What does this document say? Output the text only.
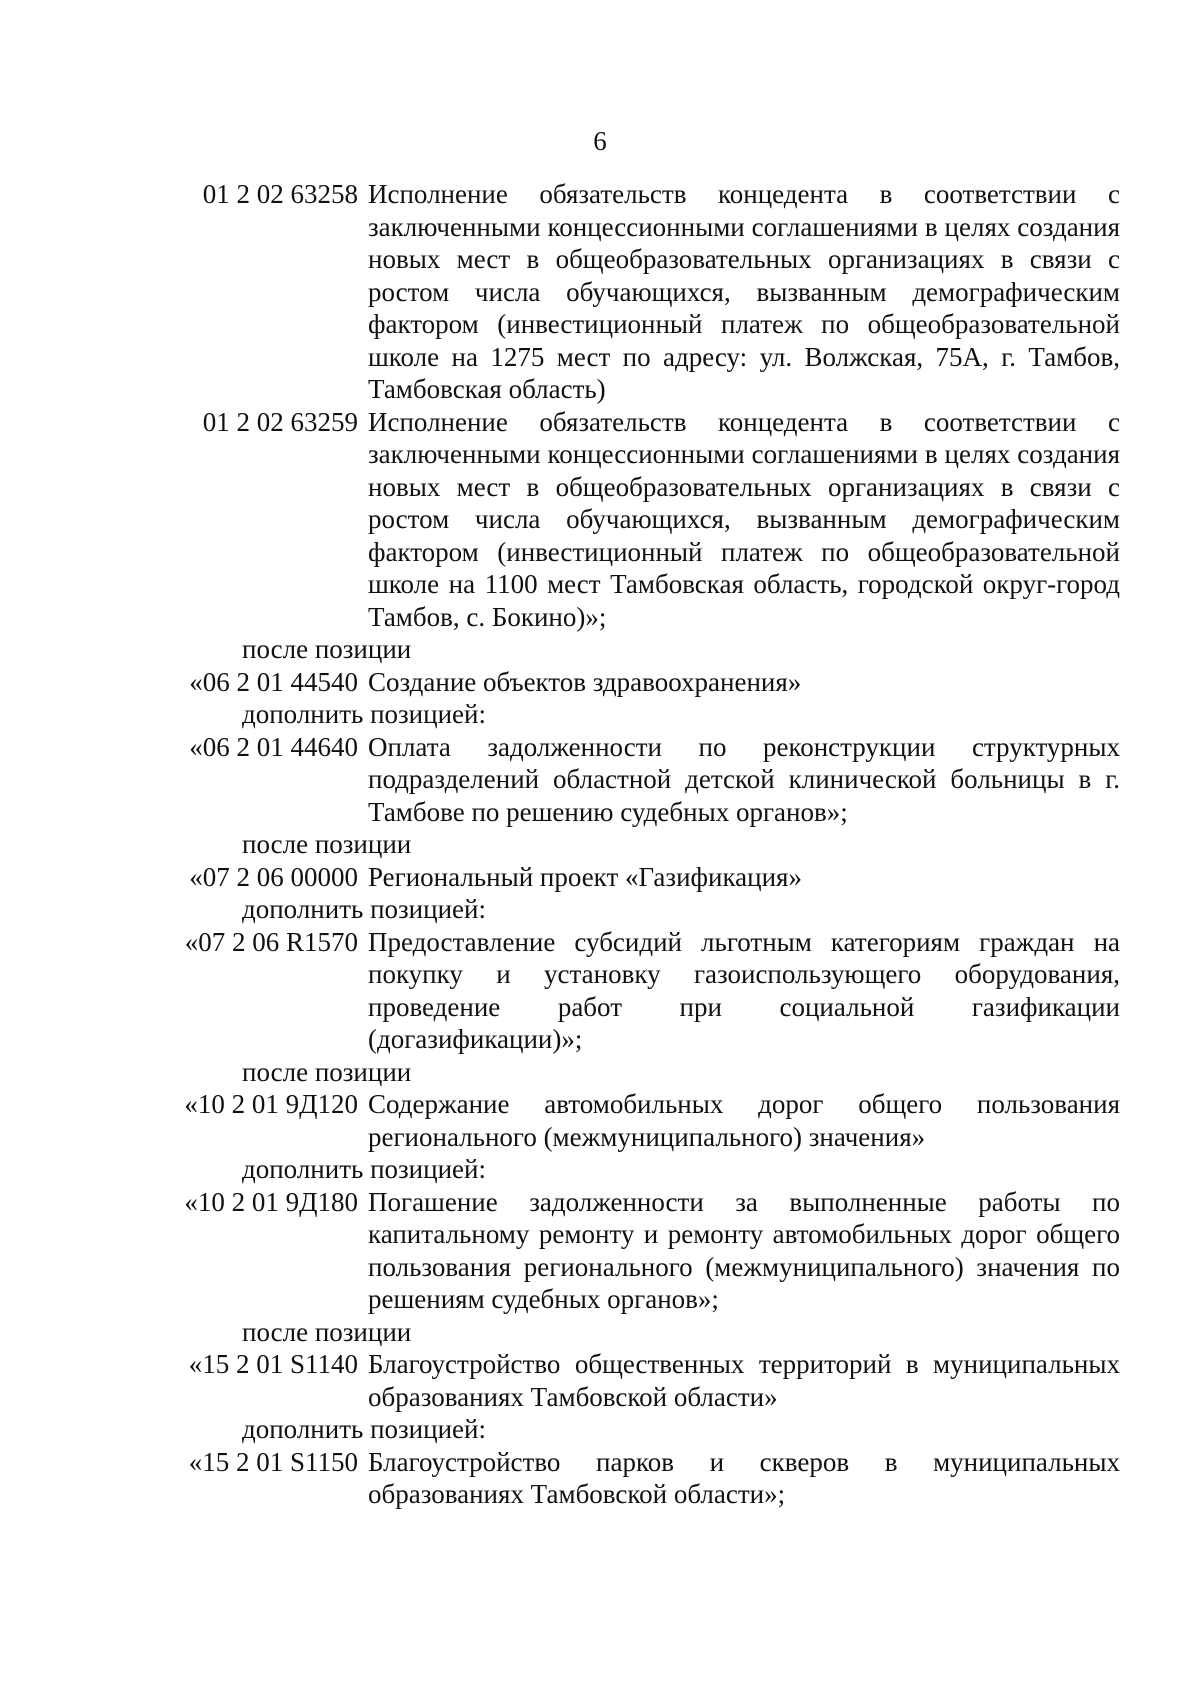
6
01 2 02 63258 Исполнение обязательств концедента в соответствии с заключенными концессионными соглашениями в целях создания новых мест в общеобразовательных организациях в связи с ростом числа обучающихся, вызванным демографическим фактором (инвестиционный платеж по общеобразовательной школе на 1275 мест по адресу: ул. Волжская, 75А, г. Тамбов, Тамбовская область)
01 2 02 63259 Исполнение обязательств концедента в соответствии с заключенными концессионными соглашениями в целях создания новых мест в общеобразовательных организациях в связи с ростом числа обучающихся, вызванным демографическим фактором (инвестиционный платеж по общеобразовательной школе на 1100 мест Тамбовская область, городской округ-город Тамбов, с. Бокино)»;
после позиции
«06 2 01 44540 Создание объектов здравоохранения»
дополнить позицией:
«06 2 01 44640 Оплата задолженности по реконструкции структурных подразделений областной детской клинической больницы в г. Тамбове по решению судебных органов»;
после позиции
«07 2 06 00000 Региональный проект «Газификация»
дополнить позицией:
«07 2 06 R1570 Предоставление субсидий льготным категориям граждан на покупку и установку газоиспользующего оборудования, проведение работ при социальной газификации (догазификации)»;
после позиции
«10 2 01 9Д120 Содержание автомобильных дорог общего пользования регионального (межмуниципального) значения»
дополнить позицией:
«10 2 01 9Д180 Погашение задолженности за выполненные работы по капитальному ремонту и ремонту автомобильных дорог общего пользования регионального (межмуниципального) значения по решениям судебных органов»;
после позиции
«15 2 01 S1140 Благоустройство общественных территорий в муниципальных образованиях Тамбовской области»
дополнить позицией:
«15 2 01 S1150 Благоустройство парков и скверов в муниципальных образованиях Тамбовской области»;
